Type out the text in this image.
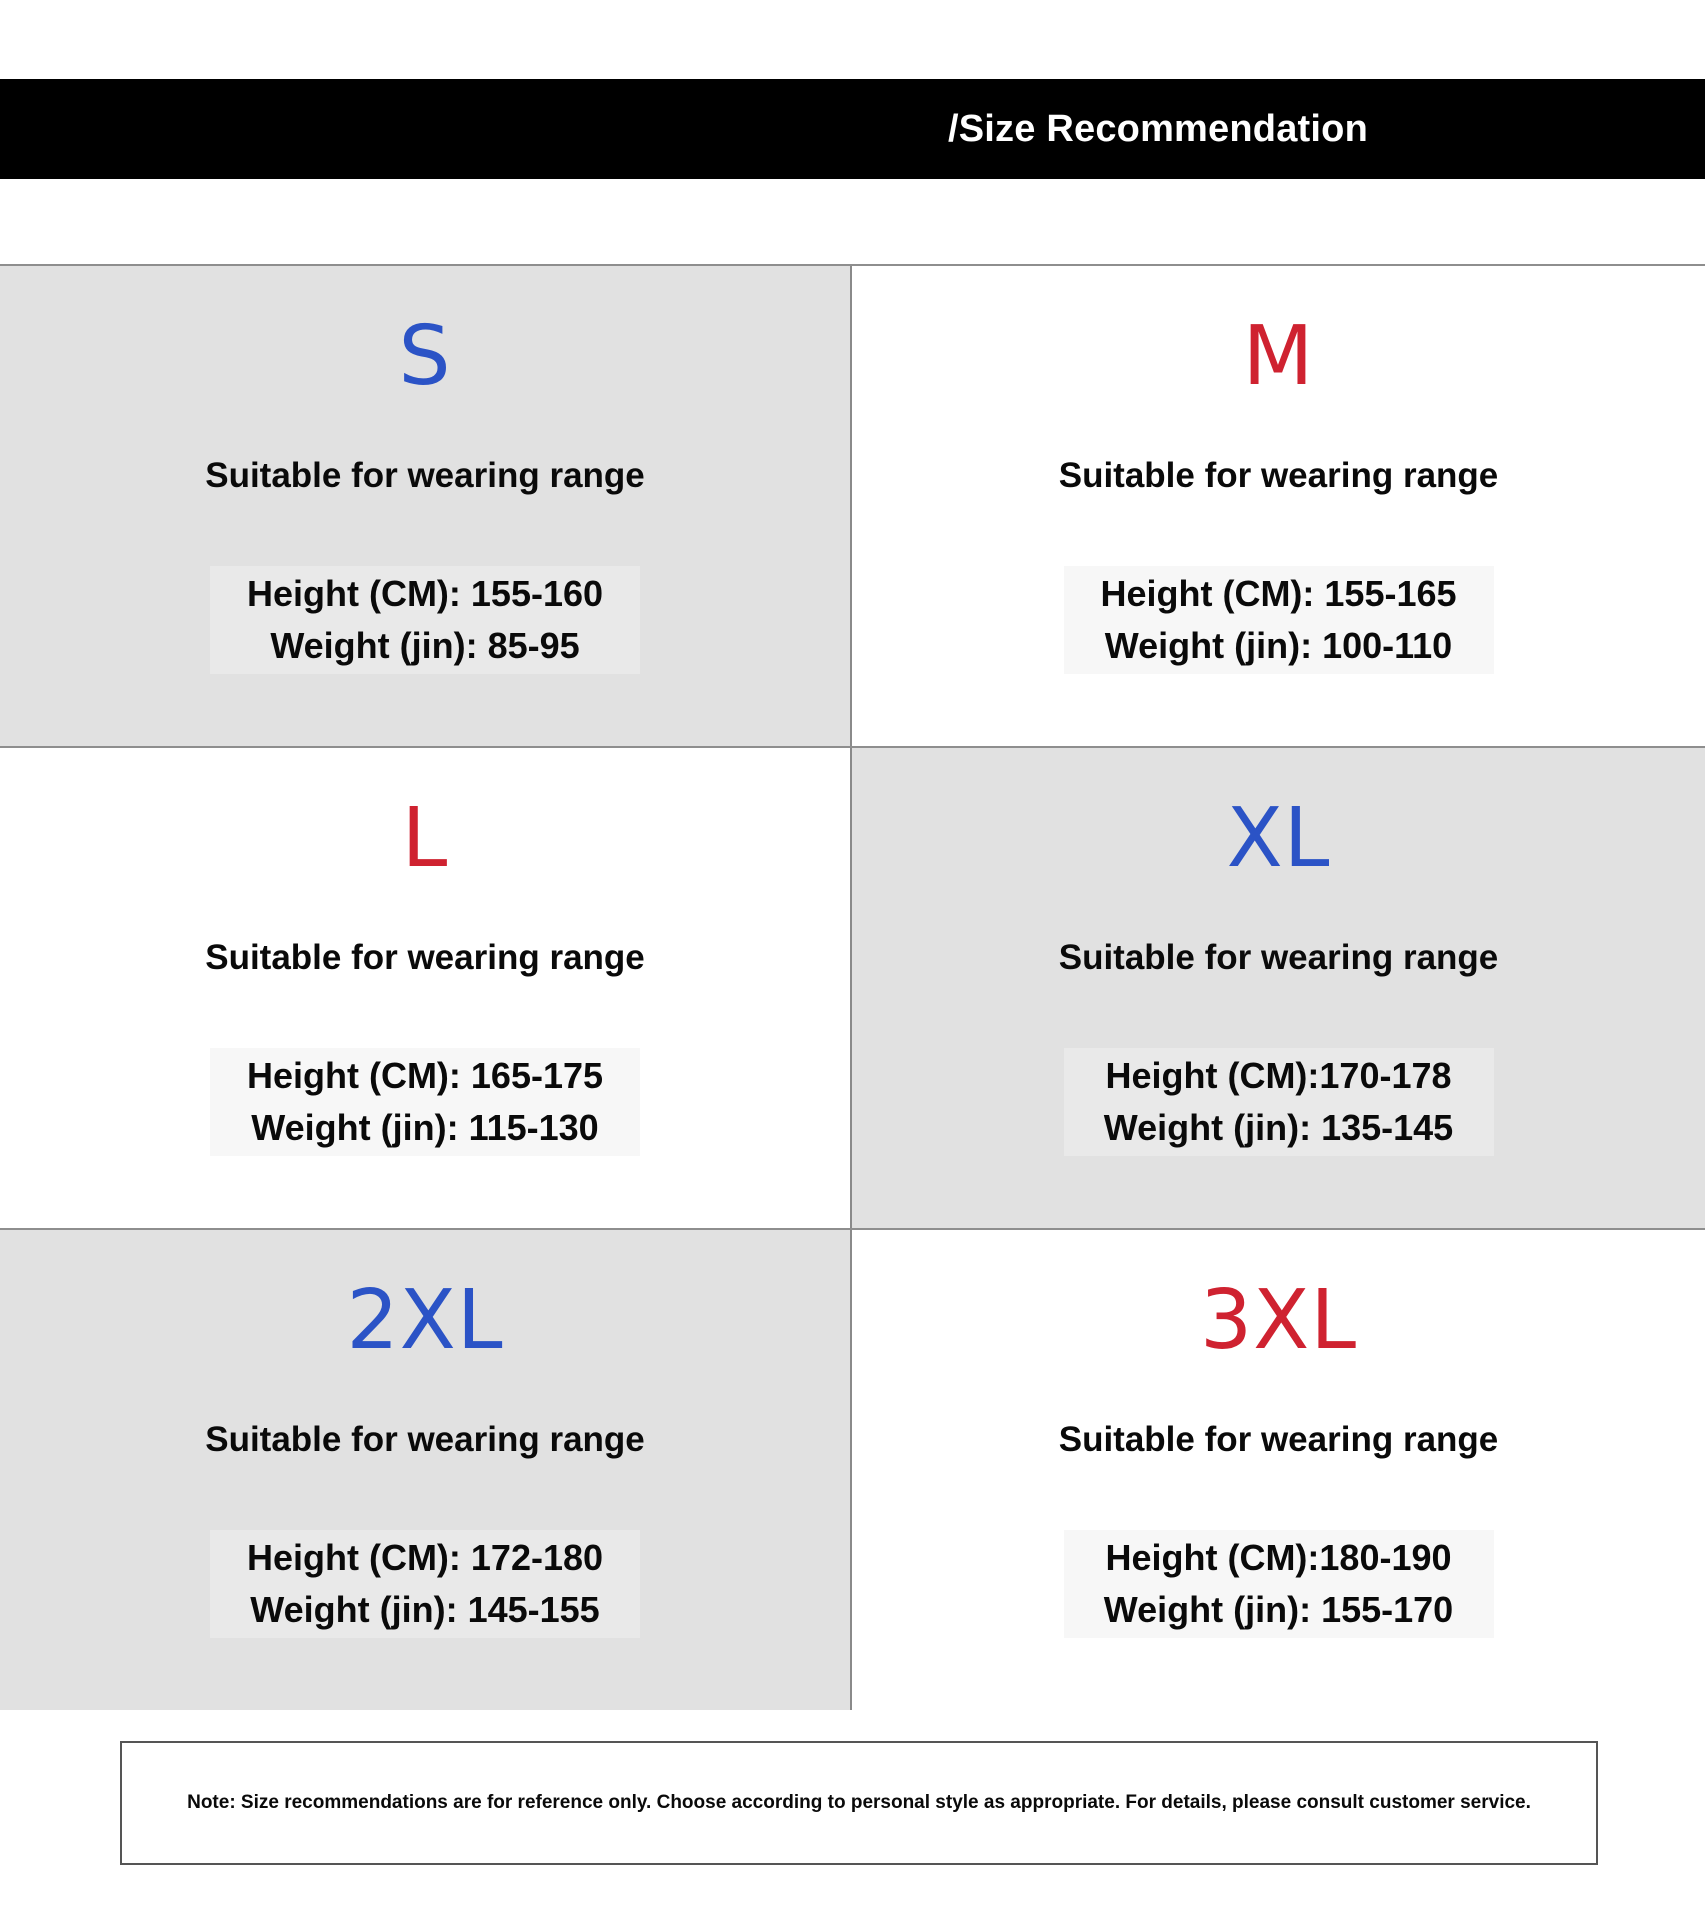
/Size Recommendation
S
Suitable for wearing range
Height (CM): 155-160
Weight (jin): 85-95
M
Suitable for wearing range
Height (CM): 155-165
Weight (jin): 100-110
L
Suitable for wearing range
Height (CM): 165-175
Weight (jin): 115-130
XL
Suitable for wearing range
Height (CM):170-178
Weight (jin): 135-145
2XL
Suitable for wearing range
Height (CM): 172-180
Weight (jin): 145-155
3XL
Suitable for wearing range
Height (CM):180-190
Weight (jin): 155-170
Note: Size recommendations are for reference only. Choose according to personal style as appropriate. For details, please consult customer service.
